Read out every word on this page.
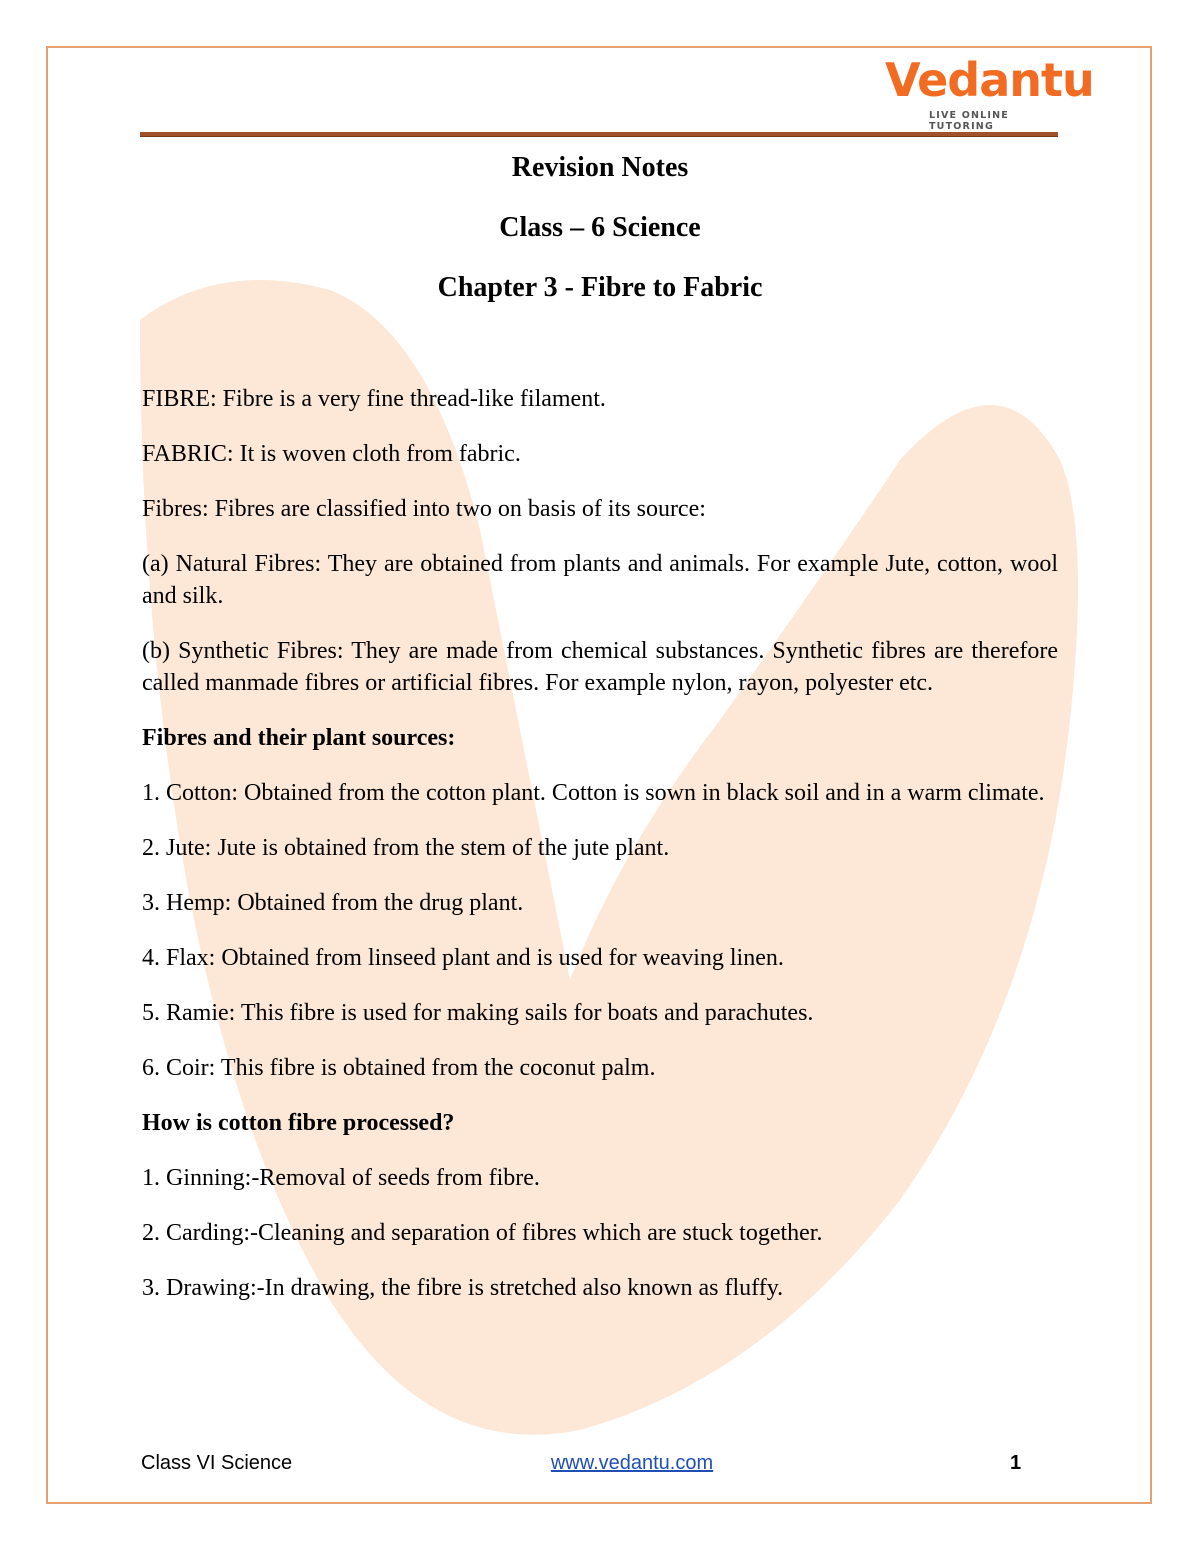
Vedantu
LIVE ONLINE TUTORING
Revision Notes
Class – 6 Science
Chapter 3 - Fibre to Fabric

FIBRE: Fibre is a very fine thread-like filament.

FABRIC: It is woven cloth from fabric.

Fibres: Fibres are classified into two on basis of its source:

(a) Natural Fibres: They are obtained from plants and animals. For example Jute, cotton, wool and silk.

(b) Synthetic Fibres: They are made from chemical substances. Synthetic fibres are therefore called manmade fibres or artificial fibres. For example nylon, rayon, polyester etc.

Fibres and their plant sources:

1. Cotton: Obtained from the cotton plant. Cotton is sown in black soil and in a warm climate.

2. Jute: Jute is obtained from the stem of the jute plant.

3. Hemp: Obtained from the drug plant.

4. Flax: Obtained from linseed plant and is used for weaving linen.

5. Ramie: This fibre is used for making sails for boats and parachutes.

6. Coir: This fibre is obtained from the coconut palm.

How is cotton fibre processed?

1. Ginning:-Removal of seeds from fibre.

2. Carding:-Cleaning and separation of fibres which are stuck together.

3. Drawing:-In drawing, the fibre is stretched also known as fluffy.

Class VI Science	www.vedantu.com	1
